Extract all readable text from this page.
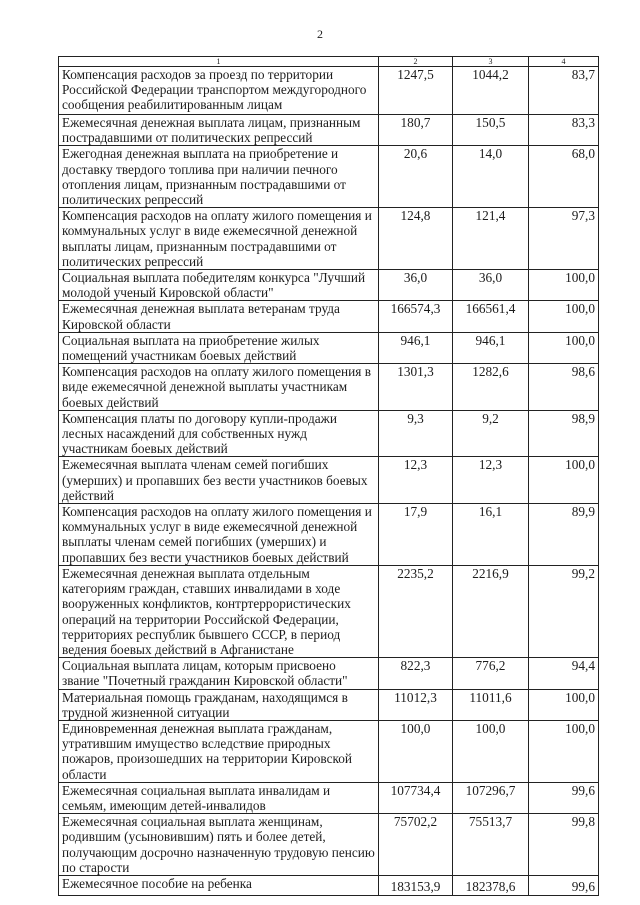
2
1	2	3	4
Компенсация расходов за проезд по территории Российской Федерации транспортом междугородного сообщения реабилитированным лицам	1247,5	1044,2	83,7
Ежемесячная денежная выплата лицам, признанным пострадавшими от политических репрессий	180,7	150,5	83,3
Ежегодная денежная выплата на приобретение и доставку твердого топлива при наличии печного отопления лицам, признанным пострадавшими от политических репрессий	20,6	14,0	68,0
Компенсация расходов на оплату жилого помещения и коммунальных услуг в виде ежемесячной денежной выплаты лицам, признанным пострадавшими от политических репрессий	124,8	121,4	97,3
Социальная выплата победителям конкурса "Лучший молодой ученый Кировской области"	36,0	36,0	100,0
Ежемесячная денежная выплата ветеранам труда Кировской области	166574,3	166561,4	100,0
Социальная выплата на приобретение жилых помещений участникам боевых действий	946,1	946,1	100,0
Компенсация расходов на оплату жилого помещения в виде ежемесячной денежной выплаты участникам боевых действий	1301,3	1282,6	98,6
Компенсация платы по договору купли-продажи лесных насаждений для собственных нужд участникам боевых действий	9,3	9,2	98,9
Ежемесячная выплата членам семей погибших (умерших) и пропавших без вести участников боевых действий	12,3	12,3	100,0
Компенсация расходов на оплату жилого помещения и коммунальных услуг в виде ежемесячной денежной выплаты членам семей погибших (умерших) и пропавших без вести участников боевых действий	17,9	16,1	89,9
Ежемесячная денежная выплата отдельным категориям граждан, ставших инвалидами в ходе вооруженных конфликтов, контртеррористических операций на территории Российской Федерации, территориях республик бывшего СССР, в период ведения боевых действий в Афганистане	2235,2	2216,9	99,2
Социальная выплата лицам, которым присвоено звание "Почетный гражданин Кировской области"	822,3	776,2	94,4
Материальная помощь гражданам, находящимся в трудной жизненной ситуации	11012,3	11011,6	100,0
Единовременная денежная выплата гражданам, утратившим имущество вследствие природных пожаров, произошедших на территории Кировской области	100,0	100,0	100,0
Ежемесячная социальная выплата инвалидам и семьям, имеющим детей-инвалидов	107734,4	107296,7	99,6
Ежемесячная социальная выплата женщинам, родившим (усыновившим) пять и более детей, получающим досрочно назначенную трудовую пенсию по старости	75702,2	75513,7	99,8
Ежемесячное пособие на ребенка	183153,9	182378,6	99,6
